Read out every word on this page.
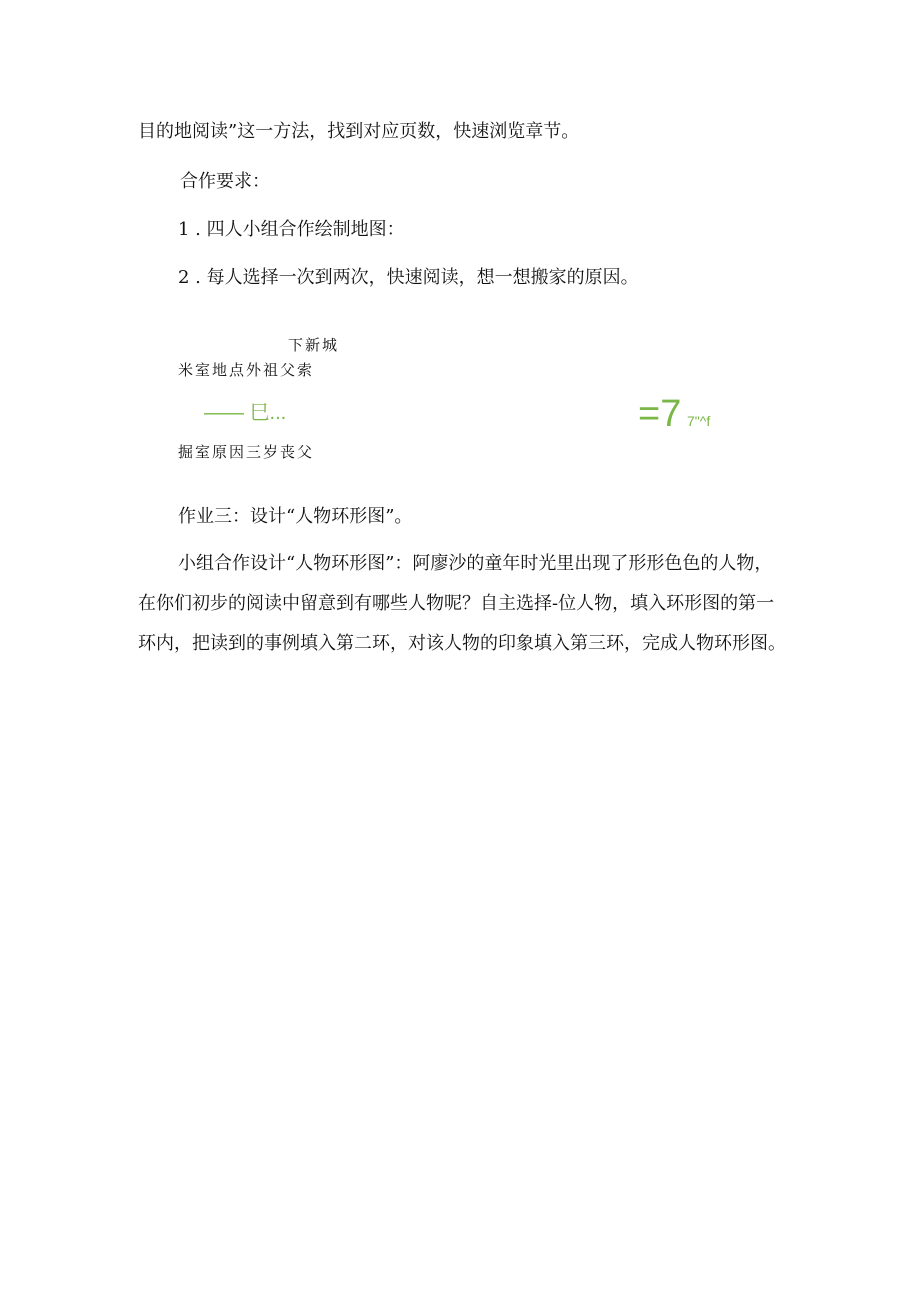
目的地阅读”这一方法，找到对应页数，快速浏览章节。
合作要求：
1 . 四人小组合作绘制地图：
2 . 每人选择一次到两次，快速阅读，想一想搬家的原因。
下新城
米室地点外祖父索
—— 巳...
掘室原因三岁丧父
=7 7"^f
作业三：设计“人物环形图”。
小组合作设计“人物环形图”：阿廖沙的童年时光里出现了形形色色的人物，在你们初步的阅读中留意到有哪些人物呢？自主选择-位人物，填入环形图的第一环内，把读到的事例填入第二环，对该人物的印象填入第三环，完成人物环形图。
